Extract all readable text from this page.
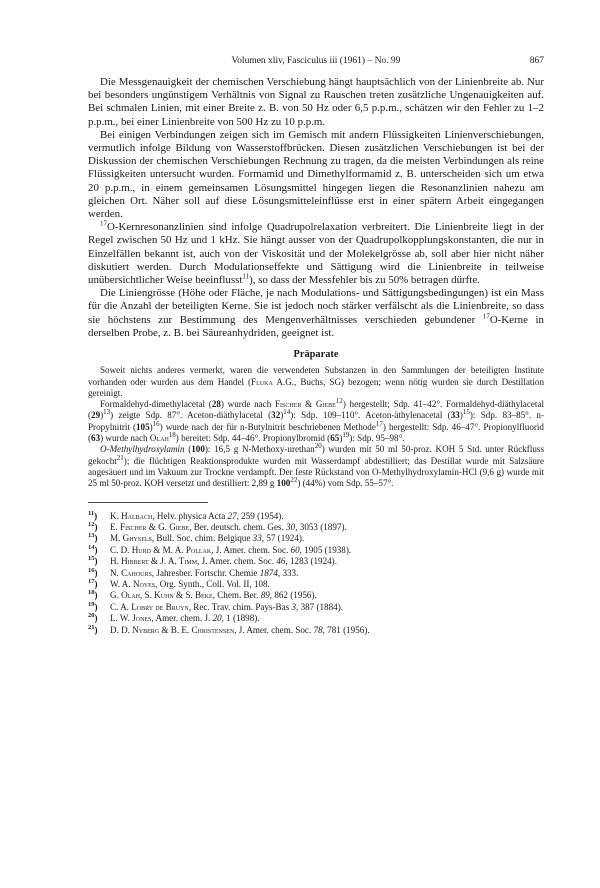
Volumen xliv, Fasciculus iii (1961) – No. 99	867

Die Messgenauigkeit der chemischen Verschiebung hängt hauptsächlich von der Linienbreite ab. Nur bei besonders ungünstigem Verhältnis von Signal zu Rauschen treten zusätzliche Ungenauigkeiten auf. Bei schmalen Linien, mit einer Breite z. B. von 50 Hz oder 6,5 p.p.m., schätzen wir den Fehler zu 1–2 p.p.m., bei einer Linienbreite von 500 Hz zu 10 p.p.m.

Bei einigen Verbindungen zeigen sich im Gemisch mit andern Flüssigkeiten Linienverschiebungen, vermutlich infolge Bildung von Wasserstoffbrücken. Diesen zusätzlichen Verschiebungen ist bei der Diskussion der chemischen Verschiebungen Rechnung zu tragen, da die meisten Verbindungen als reine Flüssigkeiten untersucht wurden. Formamid und Dimethylformamid z. B. unterscheiden sich um etwa 20 p.p.m., in einem gemeinsamen Lösungsmittel hingegen liegen die Resonanzlinien nahezu am gleichen Ort. Näher soll auf diese Lösungsmitteleinflüsse erst in einer spätern Arbeit eingegangen werden.

$^{17}$O-Kernresonanzlinien sind infolge Quadrupolrelaxation verbreitert. Die Linienbreite liegt in der Regel zwischen 50 Hz und 1 kHz. Sie hängt ausser von der Quadrupolkopplungskonstanten, die nur in Einzelfällen bekannt ist, auch von der Viskosität und der Molekelgrösse ab, soll aber hier nicht näher diskutiert werden. Durch Modulationseffekte und Sättigung wird die Linienbreite in teilweise unübersichtlicher Weise beeinflusst$^{11}$), so dass der Messfehler bis zu 50% betragen dürfte.

Die Liniengrösse (Höhe oder Fläche, je nach Modulations- und Sättigungsbedingungen) ist ein Mass für die Anzahl der beteiligten Kerne. Sie ist jedoch noch stärker verfälscht als die Linienbreite, so dass sie höchstens zur Bestimmung des Mengenverhältnisses verschieden gebundener $^{17}$O-Kerne in derselben Probe, z. B. bei Säureanhydriden, geeignet ist.

Präparate

Soweit nichts anderes vermerkt, waren die verwendeten Substanzen in den Sammlungen der beteiligten Institute vorhanden oder wurden aus dem Handel (Fluka A.G., Buchs, SG) bezogen; wenn nötig wurden sie durch Destillation gereinigt.

Formaldehyd-dimethylacetal (28) wurde nach Fischer & Giebe$^{12}$) hergestellt; Sdp. 41–42°. Formaldehyd-diäthylacetal $(29)^{13}$) zeigte Sdp. 87°. Aceton-diäthylacetal $(32)^{14}$): Sdp. 109–110°. Aceton-äthylenacetal $(33)^{15}$): Sdp. 83–85°. n-Propylnitrit $(105)^{16}$) wurde nach der für n-Butylnitrit beschriebenen Methode$^{17}$) hergestellt: Sdp. 46–47°. Propionylfluorid (63) wurde nach Olah$^{18}$) bereitet: Sdp. 44–46°. Propionylbromid $(65)^{19}$): Sdp. 95–98°.

O-Methylhydroxylamin (100): 16,5 g N-Methoxy-urethan$^{20}$) wurden mit 50 ml 50-proz. KOH 5 Std. unter Rückfluss gekocht$^{21}$); die flüchtigen Reaktionsprodukte wurden mit Wasserdampf abdestilliert; das Destillat wurde mit Salzsäure angesäuert und im Vakuum zur Trockne verdampft. Der feste Rückstand von O-Methylhydroxylamin-HCl (9,6 g) wurde mit 25 ml 50-proz. KOH versetzt und destilliert: 2,89 g $100^{22}$) (44%) vom Sdp. 55–57°.

$^{11}$) K. Halbach, Helv. physica Acta 27, 259 (1954).
$^{12}$) E. Fischer & G. Giebe, Ber. deutsch. chem. Ges. 30, 3053 (1897).
$^{13}$) M. Ghysels, Bull. Soc. chim. Belgique 33, 57 (1924).
$^{14}$) C. D. Hurd & M. A. Pollak, J. Amer. chem. Soc. 60, 1905 (1938).
$^{15}$) H. Hibbert & J. A. Timm, J. Amer. chem. Soc. 46, 1283 (1924).
$^{16}$) N. Cahours, Jahresber. Fortschr. Chemie 1874, 333.
$^{17}$) W. A. Noyes, Org. Synth., Coll. Vol. II, 108.
$^{18}$) G. Olah, S. Kuhn & S. Beke, Chem. Ber. 89, 862 (1956).
$^{19}$) C. A. Lobry de Bruyn, Rec. Trav. chim. Pays-Bas 3, 387 (1884).
$^{20}$) L. W. Jones, Amer. chem. J. 20, 1 (1898).
$^{21}$) D. D. Nyberg & B. E. Christensen, J. Amer. chem. Soc. 78, 781 (1956).
